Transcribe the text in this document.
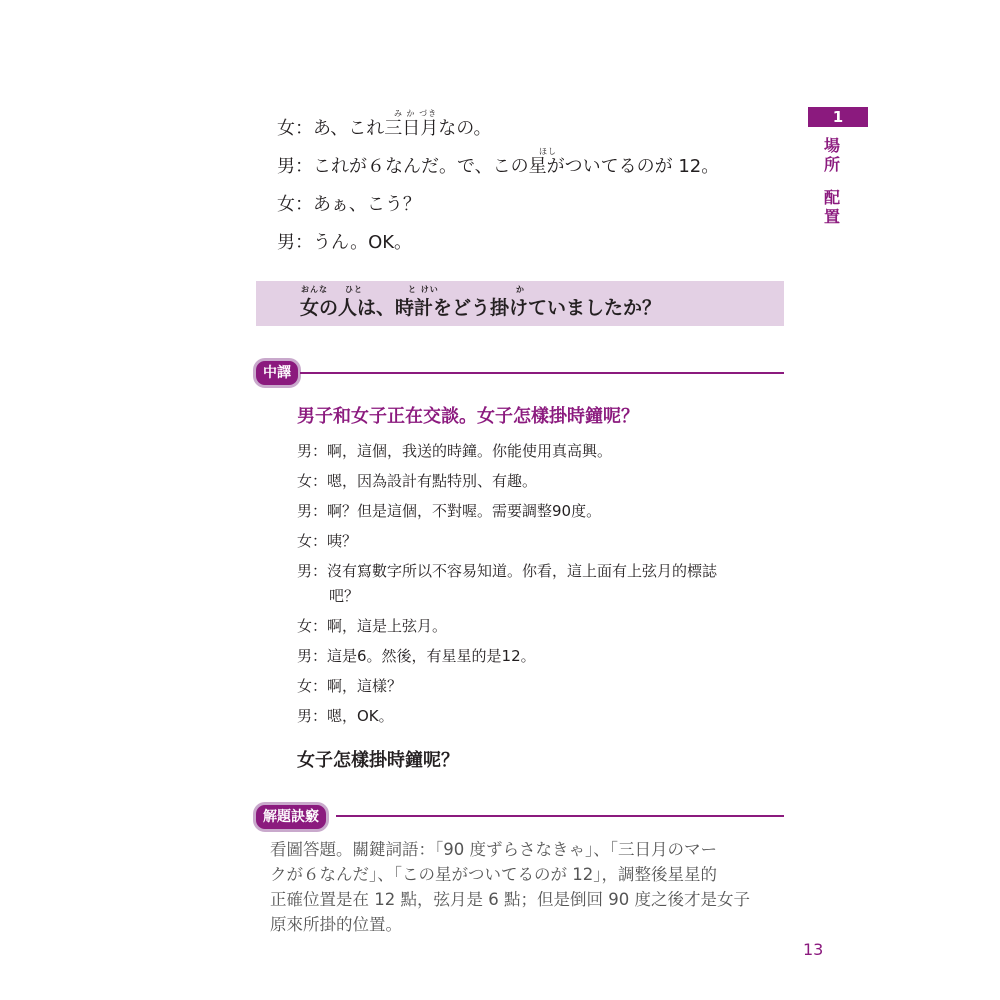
み か づき
女：あ、これ三日月なの。
ほし
男：これが６なんだ。で、この星がついてるのが 12。
女：あぁ、こう？
男：うん。OK。
おんな ひと	と けい	か
女の人は、時計をどう掛けていましたか？
中譯
男子和女子正在交談。女子怎樣掛時鐘呢？
男：啊，這個，我送的時鐘。你能使用真高興。
女：嗯，因為設計有點特別、有趣。
男：啊？但是這個，不對喔。需要調整90度。
女：咦？
男：沒有寫數字所以不容易知道。你看，這上面有上弦月的標誌
吧？
女：啊，這是上弦月。
男：這是6。然後，有星星的是12。
女：啊，這樣？
男：嗯，OK。
女子怎樣掛時鐘呢？
解題訣竅
看圖答題。關鍵詞語：「90 度ずらさなきゃ」、「三日月のマー
クが６なんだ」、「この星がついてるのが 12」，調整後星星的
正確位置是在 12 點，弦月是 6 點；但是倒回 90 度之後才是女子
原來所掛的位置。
1
場
所
配
置
13
